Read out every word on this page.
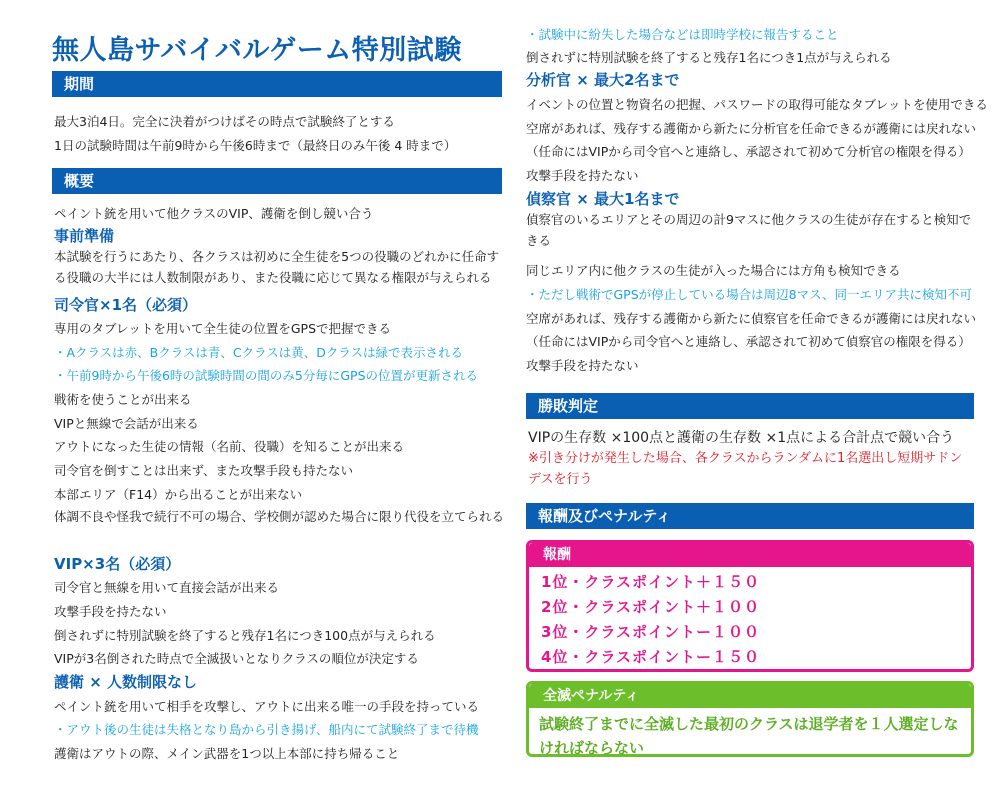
無人島サバイバルゲーム特別試験
期間
最大3泊4日。完全に決着がつけばその時点で試験終了とする
1日の試験時間は午前9時から午後6時まで（最終日のみ午後 4 時まで）
概要
ペイント銃を用いて他クラスのVIP、護衛を倒し競い合う
事前準備
本試験を行うにあたり、各クラスは初めに全生徒を5つの役職のどれかに任命する役職の大半には人数制限があり、また役職に応じて異なる権限が与えられる
司令官×1名（必須）
専用のタブレットを用いて全生徒の位置をGPSで把握できる
・Aクラスは赤、Bクラスは青、Cクラスは黄、Dクラスは緑で表示される
・午前9時から午後6時の試験時間の間のみ5分毎にGPSの位置が更新される
戦術を使うことが出来る
VIPと無線で会話が出来る
アウトになった生徒の情報（名前、役職）を知ることが出来る
司令官を倒すことは出来ず、また攻撃手段も持たない
本部エリア（F14）から出ることが出来ない
体調不良や怪我で続行不可の場合、学校側が認めた場合に限り代役を立てられる
VIP×3名（必須）
司令官と無線を用いて直接会話が出来る
攻撃手段を持たない
倒されずに特別試験を終了すると残存1名につき100点が与えられる
VIPが3名倒された時点で全滅扱いとなりクラスの順位が決定する
護衛 × 人数制限なし
ペイント銃を用いて相手を攻撃し、アウトに出来る唯一の手段を持っている
・アウト後の生徒は失格となり島から引き揚げ、船内にて試験終了まで待機
護衛はアウトの際、メイン武器を1つ以上本部に持ち帰ること
・試験中に紛失した場合などは即時学校に報告すること
倒されずに特別試験を終了すると残存1名につき1点が与えられる
分析官 × 最大2名まで
イベントの位置と物資名の把握、パスワードの取得可能なタブレットを使用できる
空席があれば、残存する護衛から新たに分析官を任命できるが護衛には戻れない
（任命にはVIPから司令官へと連絡し、承認されて初めて分析官の権限を得る）
攻撃手段を持たない
偵察官 × 最大1名まで
偵察官のいるエリアとその周辺の計9マスに他クラスの生徒が存在すると検知できる
同じエリア内に他クラスの生徒が入った場合には方角も検知できる
・ただし戦術でGPSが停止している場合は周辺8マス、同一エリア共に検知不可
空席があれば、残存する護衛から新たに偵察官を任命できるが護衛には戻れない
（任命にはVIPから司令官へと連絡し、承認されて初めて偵察官の権限を得る）
攻撃手段を持たない
勝敗判定
VIPの生存数 ×100点と護衛の生存数 ×1点による合計点で競い合う
※引き分けが発生した場合、各クラスからランダムに1名選出し短期サドンデスを行う
報酬及びペナルティ
報酬
1位・クラスポイント＋１５０
2位・クラスポイント＋１００
3位・クラスポイントー１００
4位・クラスポイントー１５０
全滅ペナルティ
試験終了までに全滅した最初のクラスは退学者を１人選定しなければならない
